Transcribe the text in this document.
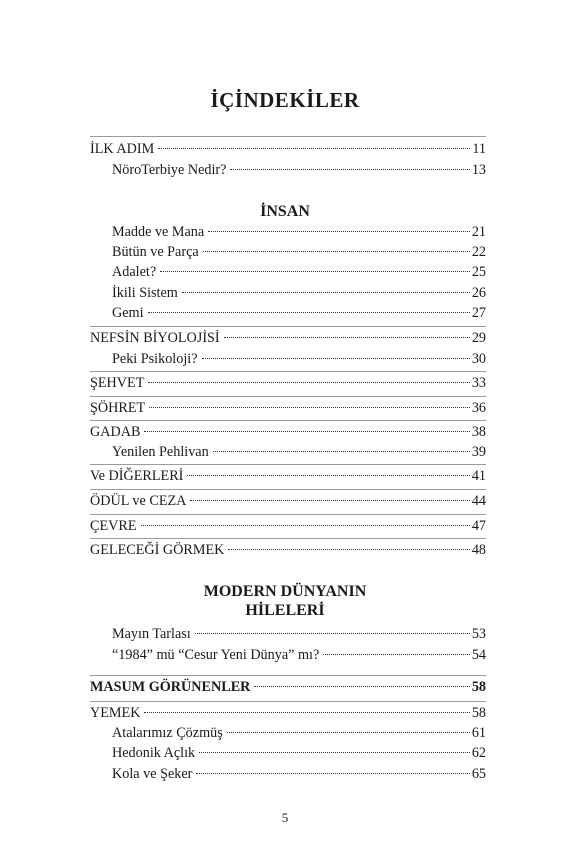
İÇİNDEKİLER
İLK ADIM	11
NöroTerbiye Nedir?	13
İNSAN
Madde ve Mana	21
Bütün ve Parça	22
Adalet?	25
İkili Sistem	26
Gemi	27
NEFSİN BİYOLOJİSİ	29
Peki Psikoloji?	30
ŞEHVET	33
ŞÖHRET	36
GADAB	38
Yenilen Pehlivan	39
Ve DİĞERLERİ	41
ÖDÜL ve CEZA	44
ÇEVRE	47
GELECEĞİ GÖRMEK	48
MODERN DÜNYANIN
HİLELERİ
Mayın Tarlası	53
“1984” mü “Cesur Yeni Dünya” mı?	54
MASUM GÖRÜNENLER	58
YEMEK	58
Atalarımız Çözmüş	61
Hedonik Açlık	62
Kola ve Şeker	65
5
